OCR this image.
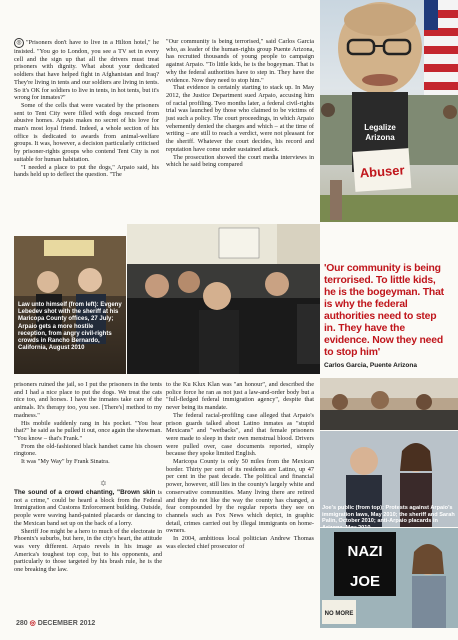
Legalize
Arizona
Abuser

◎ "Prisoners don't have to live in a Hilton hotel," he insisted. "You go to London, you see a TV set in every cell and the sign up that all the drivers must treat prisoners with dignity. What about your dedicated soldiers that have helped fight in Afghanistan and Iraq? They're living in tents and our soldiers are living in tents. So it's OK for soldiers to live in tents, in hot tents, but it's wrong for inmates?"

Some of the cells that were vacated by the prisoners sent to Tent City were filled with dogs rescued from abusive homes. Arpaio makes no secret of his love for man's most loyal friend. Indeed, a whole section of his office is dedicated to awards from animal-welfare groups. It was, however, a decision particularly criticised by prisoner-rights groups who contend Tent City is not suitable for human habitation.

"I needed a place to put the dogs," Arpaio said, his hands held up to deflect the question. "The

"Our community is being terrorised," said Carlos Garcia who, as leader of the human-rights group Puente Arizona, has recruited thousands of young people to campaign against Arpaio. "To little kids, he is the bogeyman. That is why the federal authorities have to step in. They have the evidence. Now they need to stop him."

That evidence is certainly starting to stack up. In May 2012, the Justice Department sued Arpaio, accusing him of racial profiling. Two months later, a federal civil-rights trial was launched by those who claimed to be victims of just such a policy. The court proceedings, in which Arpaio vehemently denied the charges and which – at the time of writing – are still to reach a verdict, were not pleasant for the sheriff. Whatever the court decides, his record and reputation have come under sustained attack.

The prosecution showed the court media interviews in which he said being compared

Law unto himself (from left): Evgeny Lebedev shot with the sheriff at his Maricopa County offices, 27 July; Arpaio gets a more hostile reception, from angry civil-rights crowds in Rancho Bernardo, California, August 2010
'Our community is being terrorised. To little kids, he is the bogeyman. That is why the federal authorities need to step in. They have the evidence. Now they need to stop him'
Carlos Garcia, Puente Arizona

prisoners ruined the jail, so I put the prisoners in the tents and I had a nice place to put the dogs. We treat the cats nice too, and horses. I have the inmates take care of the animals. It's therapy too, you see. [There's] method to my madness."

His mobile suddenly rang in his pocket. "You hear that?" he said as he pulled it out, once again the showman. "You know – that's Frank."

From the old-fashioned black handset came his chosen ringtone.

It was "My Way" by Frank Sinatra.

✡

The sound of a crowd chanting, "Brown skin is not a crime," could be heard a block from the Federal Immigration and Customs Enforcement building. Outside, people were waving hand-painted placards or dancing to the Mexican band set up on the back of a lorry.

Sheriff Joe might be a hero to much of the electorate in Phoenix's suburbs, but here, in the city's heart, the attitude was very different. Arpaio revels in his image as America's toughest top cop, but to his opponents, and particularly to those targeted by his brash rule, he is the one breaking the law.

to the Ku Klux Klan was "an honour", and described the police force he ran as not just a law-and-order body but a "full-fledged federal immigration agency", despite that never being its mandate.

The federal racial-profiling case alleged that Arpaio's prison guards talked about Latino inmates as "stupid Mexicans" and "wetbacks", and that female prisoners were made to sleep in their own menstrual blood. Drivers were pulled over, case documents reported, simply because they spoke limited English.

Maricopa County is only 50 miles from the Mexican border. Thirty per cent of its residents are Latino, up 47 per cent in the past decade. The political and financial power, however, still lies in the county's largely white and conservative communities. Many living there are retired and they do not like the way the county has changed, a fear compounded by the regular reports they see on channels such as Fox News which depict, in graphic detail, crimes carried out by illegal immigrants on home-owners.

In 2004, ambitious local politician Andrew Thomas was elected chief prosecutor of

Joe's public (from top): Protests against Arpaio's immigration laws, May 2010; the sheriff and Sarah Palin, October 2010; anti-Arpaio placards in
NAZI
JOE
NO MORE
280 ◎ DECEMBER 2012
